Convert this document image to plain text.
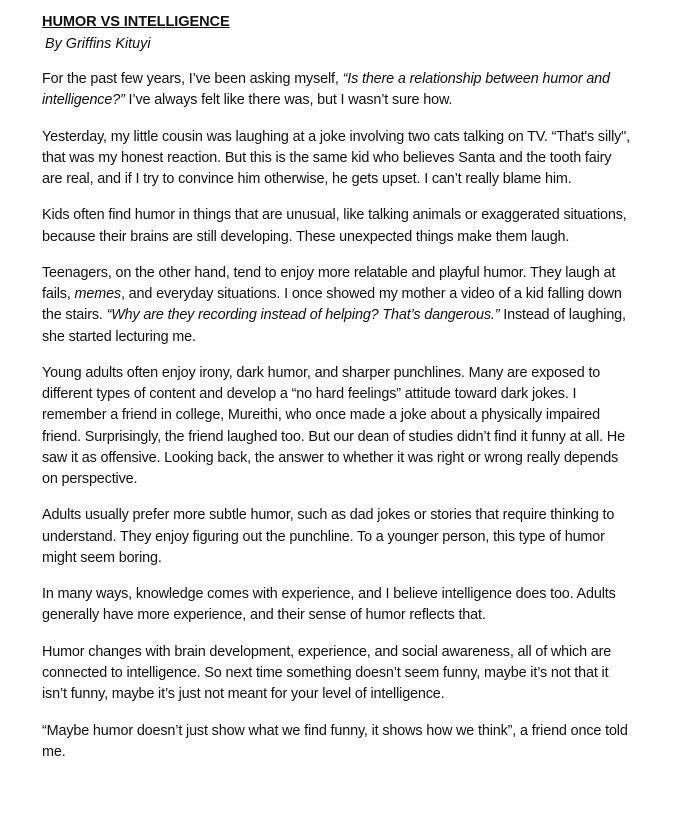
HUMOR VS INTELLIGENCE

By Griffins Kituyi

For the past few years, I’ve been asking myself, “Is there a relationship between humor and intelligence?” I’ve always felt like there was, but I wasn’t sure how.

Yesterday, my little cousin was laughing at a joke involving two cats talking on TV. “That's silly", that was my honest reaction. But this is the same kid who believes Santa and the tooth fairy are real, and if I try to convince him otherwise, he gets upset. I can’t really blame him.

Kids often find humor in things that are unusual, like talking animals or exaggerated situations, because their brains are still developing. These unexpected things make them laugh.

Teenagers, on the other hand, tend to enjoy more relatable and playful humor. They laugh at fails, memes, and everyday situations. I once showed my mother a video of a kid falling down the stairs. “Why are they recording instead of helping? That’s dangerous.” Instead of laughing, she started lecturing me.

Young adults often enjoy irony, dark humor, and sharper punchlines. Many are exposed to different types of content and develop a “no hard feelings” attitude toward dark jokes. I remember a friend in college, Mureithi, who once made a joke about a physically impaired friend. Surprisingly, the friend laughed too. But our dean of studies didn’t find it funny at all. He saw it as offensive. Looking back, the answer to whether it was right or wrong really depends on perspective.

Adults usually prefer more subtle humor, such as dad jokes or stories that require thinking to understand. They enjoy figuring out the punchline. To a younger person, this type of humor might seem boring.

In many ways, knowledge comes with experience, and I believe intelligence does too. Adults generally have more experience, and their sense of humor reflects that.

Humor changes with brain development, experience, and social awareness, all of which are connected to intelligence. So next time something doesn’t seem funny, maybe it’s not that it isn’t funny, maybe it’s just not meant for your level of intelligence.

“Maybe humor doesn’t just show what we find funny, it shows how we think”, a friend once told me.
